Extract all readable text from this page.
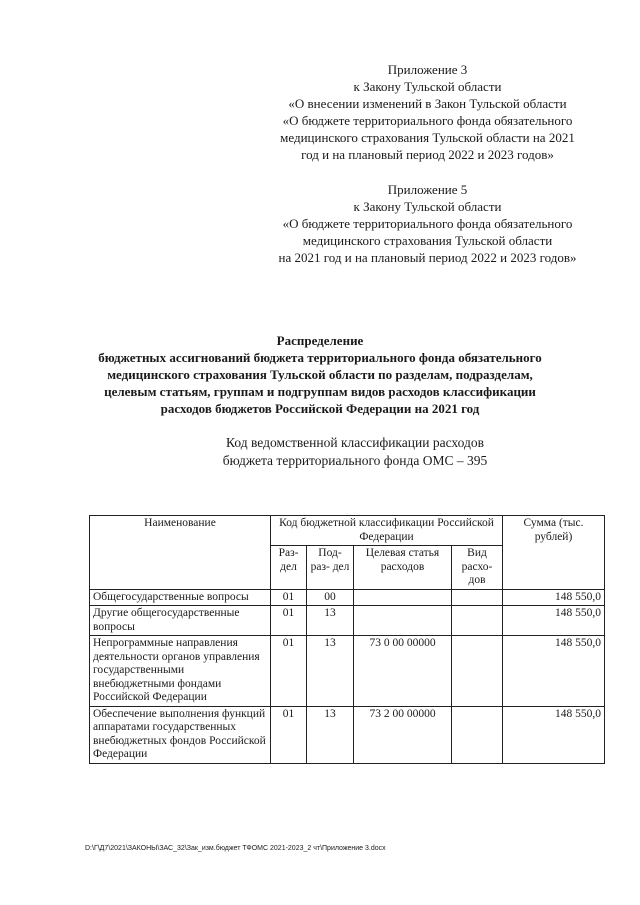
Приложение 3
к Закону Тульской области
«О внесении изменений в Закон Тульской области
«О бюджете территориального фонда обязательного
медицинского страхования Тульской области на 2021
год и на плановый период 2022 и 2023 годов»
Приложение 5
к Закону Тульской области
«О бюджете территориального фонда обязательного
медицинского страхования Тульской области
на 2021 год и на плановый период 2022 и 2023 годов»
Распределение
бюджетных ассигнований бюджета территориального фонда обязательного
медицинского страхования Тульской области по разделам, подразделам,
целевым статьям, группам и подгруппам видов расходов классификации
расходов бюджетов Российской Федерации на 2021 год
Код ведомственной классификации расходов
бюджета территориального фонда ОМС – 395
Наименование	Код бюджетной классификации Российской Федерации				Сумма (тыс. рублей)
	Раз- дел	Под- раз- дел	Целевая статья расходов	Вид расхо- дов	
Общегосударственные вопросы	01	00			148 550,0
Другие общегосударственные вопросы	01	13			148 550,0
Непрограммные направления деятельности органов управления государственными внебюджетными фондами Российской Федерации	01	13	73 0 00 00000		148 550,0
Обеспечение выполнения функций аппаратами государственных внебюджетных фондов Российской Федерации	01	13	73 2 00 00000		148 550,0
D:\Г\Д7\2021\ЗАКОНЫ\ЗАС_32\Зак_изм.бюджет ТФОМС 2021-2023_2 чт\Приложение 3.docx
